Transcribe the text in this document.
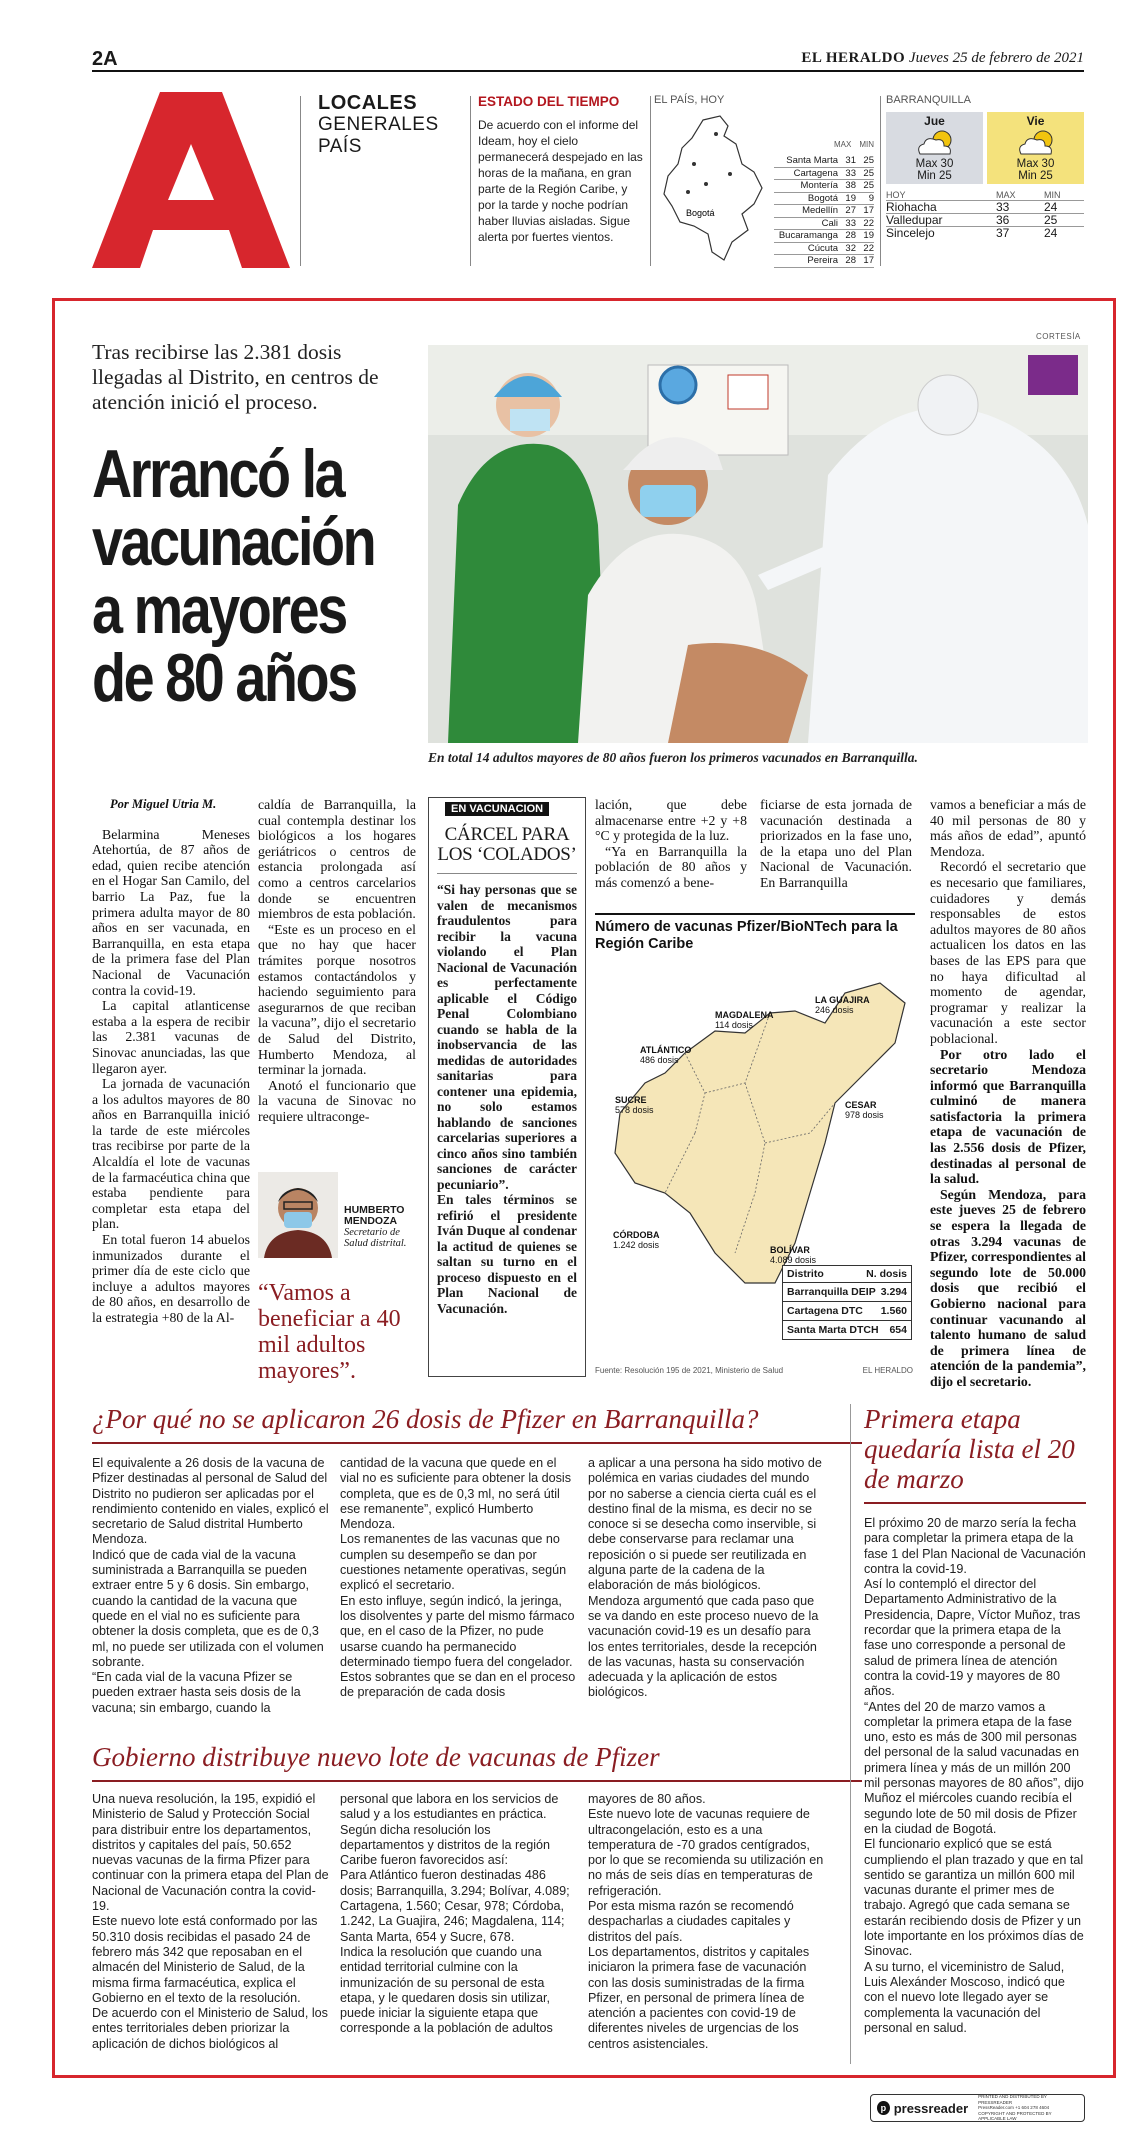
2A	EL HERALDO Jueves 25 de febrero de 2021
LOCALES
GENERALES
PAÍS
ESTADO DEL TIEMPO

De acuerdo con el informe del Ideam, hoy el cielo permanecerá despejado en las horas de la mañana, en gran parte de la Región Caribe, y por la tarde y noche podrían haber lluvias aisladas. Sigue alerta por fuertes vientos.

EL PAÍS, HOY
Bogotá
MAX MIN
Santa Marta 31 25
Cartagena 33 25
Montería 38 25
Bogotá 19	9
Medellín 27 17
Cali 33 22
Bucaramanga 28 19
Cúcuta 32 22
Pereira 28 17
BARRANQUILLA
Jue
Max 30
Min 25
Vie
Max 30
Min 25
HOY	MAX	MIN
Riohacha	33	24
Valledupar	36	25
Sincelejo	37	24
Tras recibirse las 2.381 dosis llegadas al Distrito, en centros de atención inició el proceso.
Arrancó la vacunación a mayores de 80 años
CORTESÍA
En total 14 adultos mayores de 80 años fueron los primeros vacunados en Barranquilla.

Por Miguel Utria M.

Belarmina Meneses Atehortúa, de 87 años de edad, quien recibe atención en el Hogar San Camilo, del barrio La Paz, fue la primera adulta mayor de 80 años en ser vacunada, en Barranquilla, en esta etapa de la primera fase del Plan Nacional de Vacunación contra la covid-19.

La capital atlanticense estaba a la espera de recibir las 2.381 vacunas de Sinovac anunciadas, las que llegaron ayer.

La jornada de vacunación a los adultos mayores de 80 años en Barranquilla inició la tarde de este miércoles tras recibirse por parte de la Alcaldía el lote de vacunas de la farmacéutica china que estaba pendiente para completar esta etapa del plan.

En total fueron 14 abuelos inmunizados durante el primer día de este ciclo que incluye a adultos mayores de 80 años, en desarrollo de la estrategia +80 de la Al-

caldía de Barranquilla, la cual contempla destinar los biológicos a los hogares geriátricos o centros de estancia prolongada así como a centros carcelarios donde se encuentren miembros de esta población.

“Este es un proceso en el que no hay que hacer trámites porque nosotros estamos contactándolos y haciendo seguimiento para asegurarnos de que reciban la vacuna”, dijo el secretario de Salud del Distrito, Humberto Mendoza, al terminar la jornada.

Anotó el funcionario que la vacuna de Sinovac no requiere ultraconge-

HUMBERTO MENDOZA
Secretario de Salud distrital.
“Vamos a beneficiar a 40 mil adultos mayores”.
EN VACUNACION
CÁRCEL PARA LOS ‘COLADOS’

“Si hay personas que se valen de mecanismos fraudulentos para recibir la vacuna violando el Plan Nacional de Vacunación es perfectamente aplicable el Código Penal Colombiano cuando se habla de la inobservancia de las medidas de autoridades sanitarias para contener una epidemia, no solo estamos hablando de sanciones carcelarias superiores a cinco años sino también sanciones de carácter pecuniario”.

En tales términos se refirió el presidente Iván Duque al condenar la actitud de quienes se saltan su turno en el proceso dispuesto en el Plan Nacional de Vacunación.

lación, que debe almacenarse entre +2 y +8 °C y protegida de la luz.

“Ya en Barranquilla la población de 80 años y más comenzó a bene-

ficiarse de esta jornada de vacunación destinada a priorizados en la fase uno, de la etapa uno del Plan Nacional de Vacunación. En Barranquilla

Número de vacunas Pfizer/BioNTech para la Región Caribe
LA GUAJIRA
246 dosis
MAGDALENA
114 dosis
ATLÁNTICO
486 dosis
SUCRE
578 dosis	CESAR
978 dosis
CÓRDOBA
1.242 dosis	BOLÍVAR
4.089 dosis
Distrito	N. dosis
Barranquilla DEIP 3.294
Cartagena DTC	1.560
Santa Marta DTCH	654
Fuente: Resolución 195 de 2021, Ministerio de Salud	EL HERALDO

vamos a beneficiar a más de 40 mil personas de 80 y más años de edad”, apuntó Mendoza.

Recordó el secretario que es necesario que familiares, cuidadores y demás responsables de estos adultos mayores de 80 años actualicen los datos en las bases de las EPS para que no haya dificultad al momento de agendar, programar y realizar la vacunación a este sector poblacional.

Por otro lado el secretario Mendoza informó que Barranquilla culminó de manera satisfactoria la primera etapa de vacunación de las 2.556 dosis de Pfizer, destinadas al personal de la salud.

Según Mendoza, para este jueves 25 de febrero se espera la llegada de otras 3.294 vacunas de Pfizer, correspondientes al segundo lote de 50.000 dosis que recibió el Gobierno nacional para continuar vacunando al talento humano de salud de primera línea de atención de la pandemia”, dijo el secretario.

¿Por qué no se aplicaron 26 dosis de Pfizer en Barranquilla?
El equivalente a 26 dosis de la vacuna de Pfizer destinadas al personal de Salud del Distrito no pudieron ser aplicadas por el rendimiento contenido en viales, explicó el secretario de Salud distrital Humberto Mendoza.
Indicó que de cada vial de la vacuna suministrada a Barranquilla se pueden extraer entre 5 y 6 dosis. Sin embargo, cuando la cantidad de la vacuna que quede en el vial no es suficiente para obtener la dosis completa, que es de 0,3 ml, no puede ser utilizada con el volumen sobrante.
“En cada vial de la vacuna Pfizer se pueden extraer hasta seis dosis de la vacuna; sin embargo, cuando la
cantidad de la vacuna que quede en el vial no es suficiente para obtener la dosis completa, que es de 0,3 ml, no será útil ese remanente”, explicó Humberto Mendoza.
Los remanentes de las vacunas que no cumplen su desempeño se dan por cuestiones netamente operativas, según explicó el secretario.
En esto influye, según indicó, la jeringa, los disolventes y parte del mismo fármaco que, en el caso de la Pfizer, no pude usarse cuando ha permanecido determinado tiempo fuera del congelador.
Estos sobrantes que se dan en el proceso de preparación de cada dosis
a aplicar a una persona ha sido motivo de polémica en varias ciudades del mundo por no saberse a ciencia cierta cuál es el destino final de la misma, es decir no se conoce si se desecha como inservible, si debe conservarse para reclamar una reposición o si puede ser reutilizada en alguna parte de la cadena de la elaboración de más biológicos.
Mendoza argumentó que cada paso que se va dando en este proceso nuevo de la vacunación covid-19 es un desafío para los entes territoriales, desde la recepción de las vacunas, hasta su conservación adecuada y la aplicación de estos biológicos.
Gobierno distribuye nuevo lote de vacunas de Pfizer
Una nueva resolución, la 195, expidió el Ministerio de Salud y Protección Social para distribuir entre los departamentos, distritos y capitales del país, 50.652 nuevas vacunas de la firma Pfizer para continuar con la primera etapa del Plan de Nacional de Vacunación contra la covid-19.
Este nuevo lote está conformado por las 50.310 dosis recibidas el pasado 24 de febrero más 342 que reposaban en el almacén del Ministerio de Salud, de la misma firma farmacéutica, explica el Gobierno en el texto de la resolución.
De acuerdo con el Ministerio de Salud, los entes territoriales deben priorizar la aplicación de dichos biológicos al
personal que labora en los servicios de salud y a los estudiantes en práctica.
Según dicha resolución los departamentos y distritos de la región Caribe fueron favorecidos así:
Para Atlántico fueron destinadas 486 dosis; Barranquilla, 3.294; Bolívar, 4.089; Cartagena, 1.560; Cesar, 978; Córdoba, 1.242, La Guajira, 246; Magdalena, 114; Santa Marta, 654 y Sucre, 678.
Indica la resolución que cuando una entidad territorial culmine con la inmunización de su personal de esta etapa, y le quedaren dosis sin utilizar, puede iniciar la siguiente etapa que corresponde a la población de adultos
mayores de 80 años.
Este nuevo lote de vacunas requiere de ultracongelación, esto es a una temperatura de -70 grados centígrados, por lo que se recomienda su utilización en no más de seis días en temperaturas de refrigeración.
Por esta misma razón se recomendó despacharlas a ciudades capitales y distritos del país.
Los departamentos, distritos y capitales iniciaron la primera fase de vacunación con las dosis suministradas de la firma Pfizer, en personal de primera línea de atención a pacientes con covid-19 de diferentes niveles de urgencias de los centros asistenciales.
Primera etapa quedaría lista el 20 de marzo
El próximo 20 de marzo sería la fecha para completar la primera etapa de la fase 1 del Plan Nacional de Vacunación contra la covid-19.
Así lo contempló el director del Departamento Administrativo de la Presidencia, Dapre, Víctor Muñoz, tras recordar que la primera etapa de la fase uno corresponde a personal de salud de primera línea de atención contra la covid-19 y mayores de 80 años.
“Antes del 20 de marzo vamos a completar la primera etapa de la fase uno, esto es más de 300 mil personas del personal de la salud vacunadas en primera línea y más de un millón 200 mil personas mayores de 80 años”, dijo Muñoz el miércoles cuando recibía el segundo lote de 50 mil dosis de Pfizer en la ciudad de Bogotá.
El funcionario explicó que se está cumpliendo el plan trazado y que en tal sentido se garantiza un millón 600 mil vacunas durante el primer mes de trabajo. Agregó que cada semana se estarán recibiendo dosis de Pfizer y un lote importante en los próximos días de Sinovac.
A su turno, el viceministro de Salud, Luis Alexánder Moscoso, indicó que con el nuevo lote llegado ayer se complementa la vacunación del personal en salud.
p pressreader
PRINTED AND DISTRIBUTED BY PRESSREADER
PressReader.com +1 604 278 4604
COPYRIGHT AND PROTECTED BY APPLICABLE LAW
